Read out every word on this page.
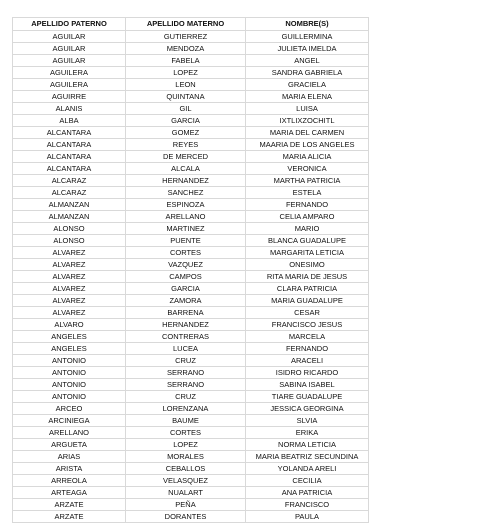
APELLIDO PATERNO	APELLIDO MATERNO	NOMBRE(S)
AGUILAR	GUTIERREZ	GUILLERMINA
AGUILAR	MENDOZA	JULIETA IMELDA
AGUILAR	FABELA	ANGEL
AGUILERA	LOPEZ	SANDRA GABRIELA
AGUILERA	LEON	GRACIELA
AGUIRRE	QUINTANA	MARIA ELENA
ALANIS	GIL	LUISA
ALBA	GARCIA	IXTLIXZOCHITL
ALCANTARA	GOMEZ	MARIA DEL CARMEN
ALCANTARA	REYES	MAARIA DE LOS ANGELES
ALCANTARA	DE MERCED	MARIA ALICIA
ALCANTARA	ALCALA	VERONICA
ALCARAZ	HERNANDEZ	MARTHA PATRICIA
ALCARAZ	SANCHEZ	ESTELA
ALMANZAN	ESPINOZA	FERNANDO
ALMANZAN	ARELLANO	CELIA AMPARO
ALONSO	MARTINEZ	MARIO
ALONSO	PUENTE	BLANCA GUADALUPE
ALVAREZ	CORTES	MARGARITA LETICIA
ALVAREZ	VAZQUEZ	ONESIMO
ALVAREZ	CAMPOS	RITA MARIA DE JESUS
ALVAREZ	GARCIA	CLARA PATRICIA
ALVAREZ	ZAMORA	MARIA GUADALUPE
ALVAREZ	BARRENA	CESAR
ALVARO	HERNANDEZ	FRANCISCO JESUS
ANGELES	CONTRERAS	MARCELA
ANGELES	LUCEA	FERNANDO
ANTONIO	CRUZ	ARACELI
ANTONIO	SERRANO	ISIDRO RICARDO
ANTONIO	SERRANO	SABINA ISABEL
ANTONIO	CRUZ	TIARE GUADALUPE
ARCEO	LORENZANA	JESSICA GEORGINA
ARCINIEGA	BAUME	SLVIA
ARELLANO	CORTES	ERIKA
ARGUETA	LOPEZ	NORMA LETICIA
ARIAS	MORALES	MARIA BEATRIZ SECUNDINA
ARISTA	CEBALLOS	YOLANDA ARELI
ARREOLA	VELASQUEZ	CECILIA
ARTEAGA	NUALART	ANA PATRICIA
ARZATE	PEÑA	FRANCISCO
ARZATE	DORANTES	PAULA
